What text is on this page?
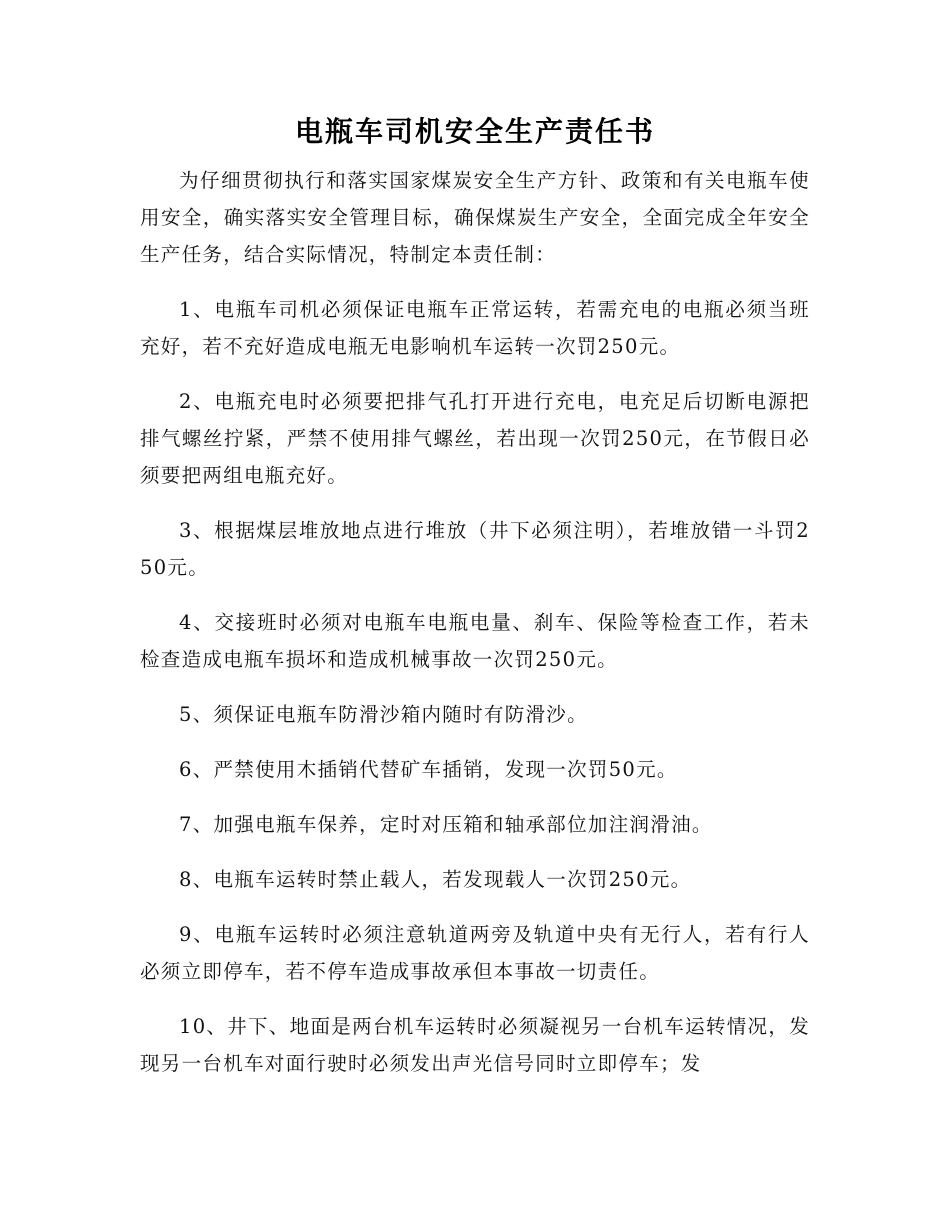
电瓶车司机安全生产责任书

为仔细贯彻执行和落实国家煤炭安全生产方针、政策和有关电瓶车使用安全，确实落实安全管理目标，确保煤炭生产安全，全面完成全年安全生产任务，结合实际情况，特制定本责任制：

1、电瓶车司机必须保证电瓶车正常运转，若需充电的电瓶必须当班充好，若不充好造成电瓶无电影响机车运转一次罚250元。

2、电瓶充电时必须要把排气孔打开进行充电，电充足后切断电源把排气螺丝拧紧，严禁不使用排气螺丝，若出现一次罚250元，在节假日必须要把两组电瓶充好。

3、根据煤层堆放地点进行堆放（井下必须注明），若堆放错一斗罚250元。

4、交接班时必须对电瓶车电瓶电量、刹车、保险等检查工作，若未检查造成电瓶车损坏和造成机械事故一次罚250元。

5、须保证电瓶车防滑沙箱内随时有防滑沙。

6、严禁使用木插销代替矿车插销，发现一次罚50元。

7、加强电瓶车保养，定时对压箱和轴承部位加注润滑油。

8、电瓶车运转时禁止载人，若发现载人一次罚250元。

9、电瓶车运转时必须注意轨道两旁及轨道中央有无行人，若有行人必须立即停车，若不停车造成事故承但本事故一切责任。

10、井下、地面是两台机车运转时必须凝视另一台机车运转情况，发现另一台机车对面行驶时必须发出声光信号同时立即停车；发
